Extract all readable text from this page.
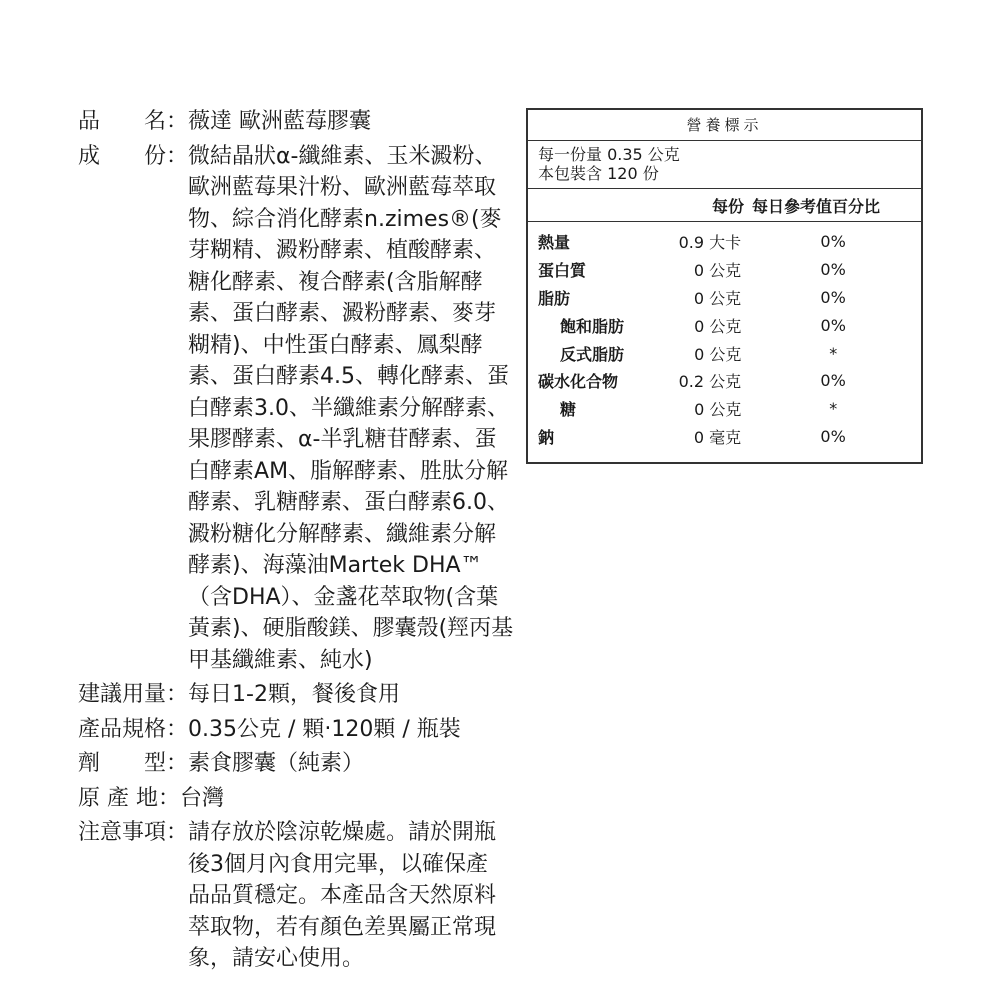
品　　名： 薇達 歐洲藍莓膠囊
成　　份： 微結晶狀α-纖維素、玉米澱粉、歐洲藍莓果汁粉、歐洲藍莓萃取物、綜合消化酵素n.zimes®(麥芽糊精、澱粉酵素、植酸酵素、糖化酵素、複合酵素(含脂解酵素、蛋白酵素、澱粉酵素、麥芽糊精)、中性蛋白酵素、鳳梨酵素、蛋白酵素4.5、轉化酵素、蛋白酵素3.0、半纖維素分解酵素、果膠酵素、α-半乳糖苷酵素、蛋白酵素AM、脂解酵素、胜肽分解酵素、乳糖酵素、蛋白酵素6.0、澱粉糖化分解酵素、纖維素分解酵素)、海藻油Martek DHA™（含DHA）、金盞花萃取物(含葉黃素)、硬脂酸鎂、膠囊殼(羥丙基甲基纖維素、純水)
建議用量： 每日1-2顆，餐後食用
產品規格： 0.35公克 / 顆‧120顆 / 瓶裝
劑　　型： 素食膠囊（純素）
原 產 地： 台灣
注意事項： 請存放於陰涼乾燥處。請於開瓶後3個月內食用完畢，以確保產品品質穩定。本產品含天然原料萃取物，若有顏色差異屬正常現象，請安心使用。
營養標示
每一份量 0.35 公克
本包裝含 120 份
每份 每日參考值百分比
熱量	0.9 大卡	0%
蛋白質	0 公克	0%
脂肪	0 公克	0%
飽和脂肪	0 公克	0%
反式脂肪	0 公克	*
碳水化合物	0.2 公克	0%
糖	0 公克	*
鈉	0 毫克	0%
